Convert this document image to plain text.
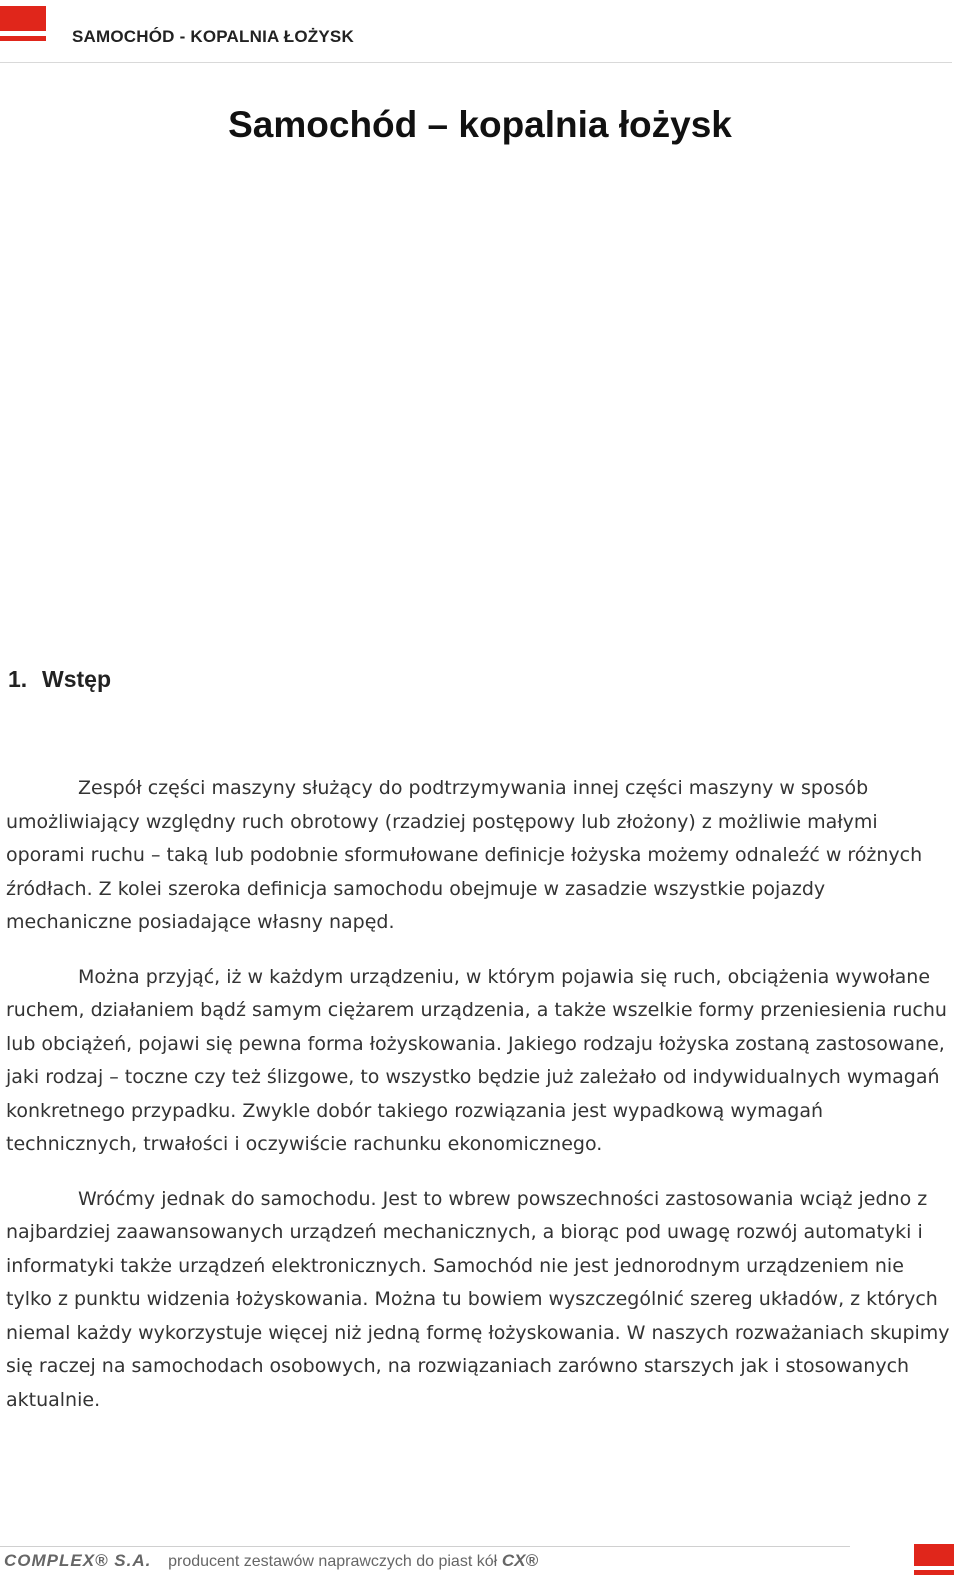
SAMOCHÓD - KOPALNIA ŁOŻYSK
Samochód – kopalnia łożysk
1. Wstęp

Zespół części maszyny służący do podtrzymywania innej części maszyny w sposób umożliwiający względny ruch obrotowy (rzadziej postępowy lub złożony) z możliwie małymi oporami ruchu – taką lub podobnie sformułowane definicje łożyska możemy odnaleźć w różnych źródłach. Z kolei szeroka definicja samochodu obejmuje w zasadzie wszystkie pojazdy mechaniczne posiadające własny napęd.

Można przyjąć, iż w każdym urządzeniu, w którym pojawia się ruch, obciążenia wywołane ruchem, działaniem bądź samym ciężarem urządzenia, a także wszelkie formy przeniesienia ruchu lub obciążeń, pojawi się pewna forma łożyskowania. Jakiego rodzaju łożyska zostaną zastosowane, jaki rodzaj – toczne czy też ślizgowe, to wszystko będzie już zależało od indywidualnych wymagań konkretnego przypadku. Zwykle dobór takiego rozwiązania jest wypadkową wymagań technicznych, trwałości i oczywiście rachunku ekonomicznego.

Wróćmy jednak do samochodu. Jest to wbrew powszechności zastosowania wciąż jedno z najbardziej zaawansowanych urządzeń mechanicznych, a biorąc pod uwagę rozwój automatyki i informatyki także urządzeń elektronicznych. Samochód nie jest jednorodnym urządzeniem nie tylko z punktu widzenia łożyskowania. Można tu bowiem wyszczególnić szereg układów, z których niemal każdy wykorzystuje więcej niż jedną formę łożyskowania. W naszych rozważaniach skupimy się raczej na samochodach osobowych, na rozwiązaniach zarówno starszych jak i stosowanych aktualnie.

COMPLEX® S.A. producent zestawów naprawczych do piast kół CX®
